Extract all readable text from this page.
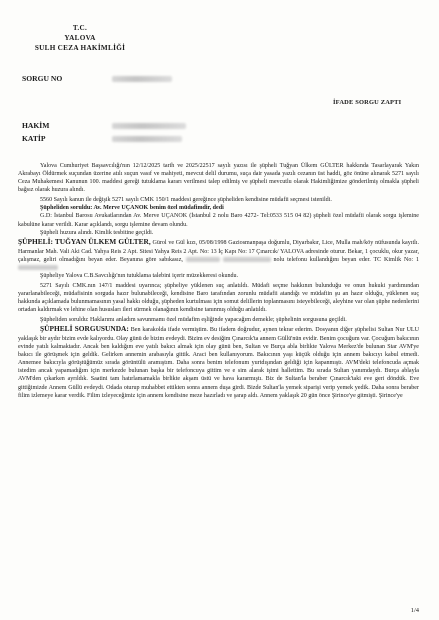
T.C.
YALOVA
SULH CEZA HAKİMLİĞİ
SORGU NO
İFADE SORGU ZAPTI
HAKİM
KATİP

Yalova Cumhuriyet Başsavcılığı'nın 12/12/2025 tarih ve 2025/22517 sayılı yazısı ile şüpheli Tuğyan Ülkem GÜLTER hakkında Tasarlayarak Yakın Akrabayı Öldürmek suçundan üzerine atılı suçun vasıf ve mahiyeti, mevcut delil durumu, suça dair yasada yazılı cezanın üst haddi, göz önüne alınarak 5271 sayılı Ceza Muhakemesi Kanunun 100. maddesi gereği tutuklama kararı verilmesi talep edilmiş ve şüpheli mevcutlu olarak Hakimliğimize gönderilmiş olmakla şüpheli bağsız olarak huzura alındı.

5560 Sayılı kanun ile değişik 5271 sayılı CMK 150/1 maddesi gereğince şüpheliden kendisine müdafii seçmesi istenildi.

Şüpheliden soruldu: Av. Merve UÇANOK benim özel müdafimdir, dedi

G.D: İstanbul Barosu Avukatlarından Av. Merve UÇANOK (İstanbul 2 nolu Baro 4272- Tel:0533 515 04 82) şüpheli özel müdafii olarak sorgu işlemine kabulüne karar verildi. Karar açıklandı, sorgu işlemine devam olundu.

Şüpheli huzura alındı. Kimlik tesbitine geçildi.

ŞÜPHELİ: TUĞYAN ÜLKEM GÜLTER, Gürol ve Gül kızı, 05/08/1998 Gaziosmanpaşa doğumlu, Diyarbakır, Lice, Mulla mah/köy nüfusunda kayıtlı. Harmanlar Mah. Vali Aki Cad. Yahya Reis 2 Apt. Sitesi Yahya Reis 2 Apt. No: 13 İç Kapı No: 17 Çınarcık/ YALOVA adresinde oturur. Bekar, 1 çocuklu, okur yazar, çalışmaz, geliri olmadığını beyan eder. Beyanına göre sabıkasız,	nolu telefonu kullandığını beyan eder. TC Kimlik No: 1

Şüpheliye Yalova C.B.Savcılığı'nın tutuklama talebini içerir müzekkeresi okundu.

5271 Sayılı CMK.nın 147/1 maddesi uyarınca; şüpheliye yüklenen suç anlatıldı. Müdafi seçme hakkının bulunduğu ve onun hukuki yardımından yararlanabileceği, müdafisinin sorguda hazır bulunabileceği, kendisine Baro tarafından zorunlu müdafii atandığı ve müdafiin şu an hazır olduğu, yüklenen suç hakkında açıklamada bulunmamasının yasal hakkı olduğu, şüpheden kurtulması için somut delillerin toplanmasını isteyebileceği, aleyhine var olan şüphe nedenlerini ortadan kaldırmak ve lehine olan hususları ileri sürmek olanağının kendisine tanınmış olduğu anlatıldı.

Şüpheliden soruldu: Haklarımı anladım savunmamı özel müdafim eşliğinde yapacağım demekle; şüphelinin sorgusuna geçildi.

ŞÜPHELİ SORGUSUNDA: Ben karakolda ifade vermiştim. Bu ifadem doğrudur, aynen tekrar ederim. Dosyanın diğer şüphelisi Sultan Nur ULU yaklaşık bir aydır bizim evde kalıyordu. Olay günü de bizim evdeydi. Bizim ev desiğim Çınarcık'ta annem Güllü'nün evidir. Benim çocuğum var. Çocuğum bakıcının evinde yatılı kalmaktadır. Ancak ben kaldığım eve yatılı bakıcı almak için olay günü ben, Sultan ve Burça abla birlikte Yalova Merkez'de bulunan Star AVM'ye bakıcı ile görüşmek için geldik. Gelirken annemin arabasıyla gittik. Araci ben kullanıyorum. Bakıcının yaşı küçük olduğu için annem bakıcıyı kabul etmedi. Annemee bakıcıyla görüştüğümüz sırada görüntülü aramıştım. Daha sonra benim telefonum yurtdışından geldiği için kapanmıştı. AVM'deki telefoncuda açmak istedim ancak yapamadığım için merkezde bulunan başka bir telefoncuya gittim ve e sim alarak işimi hallettim. Bu sırada Sultan yanımdaydı. Burça ablayla AVM'den çıkarken ayrıldık. Saatini tam hatırlamamakla birlikte akşam üstü ve hava kararmıştı. Biz de Sultan'la beraber Çınarcık'taki eve geri döndük. Eve gittiğimizde Annem Güllü evdeydi. Odada oturup muhabbet ettikten sonra annem duşa girdi. Bizde Sultan'la yemek siparişi verip yemek yedik. Daha sonra beraber filim izlemeye karar verdik. Filim izleyeceğimiz için annem kendisine meze hazırladı ve şarap aldı. Annem yaklaşık 20 gün önce Şirince'ye gitmişti. Şirince'ye

1/4
